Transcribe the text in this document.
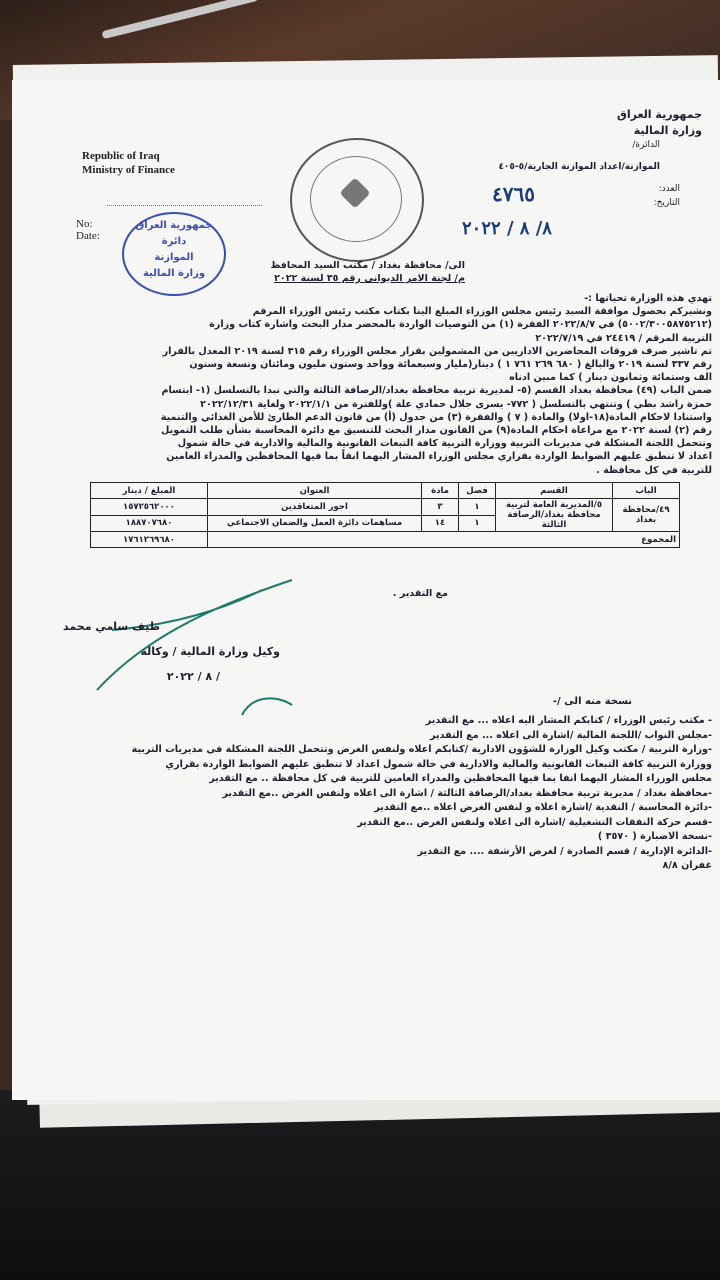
Republic of Iraq
Ministry of Finance
No:
Date:
جمهورية العراق
وزارة المالية
الدائرة/
الموازنة/اعداد الموازنة الجارية/٥-٤٠٥
العدد:
التاريخ:
٤٧٦٥
٨/ ٨ / ٢٠٢٢
جمهورية العراق
دائرة
الموازنة
وزارة المالية
الى/ محافظة بغداد / مكتب السيد المحافظ
م/ لجنة الامر الديواني رقم ٣٥ لسنة ٢٠٢٢
تهدي هذه الوزارة تحياتها :-
ونشيركم بحصول موافقة السيد رئيس مجلس الوزراء المبلغ الينا بكتاب مكتب رئيس الوزراء المرقم
(٥٠٠٢/٣٠٠٥٨٧٥٢١٢) في ٢٠٢٢/٨/٧ الفقرة (١) من التوصيات الواردة بالمحضر مدار البحث واشارة كتاب وزارة
التربية المرقم / ٢٤٤١٩ في ٢٠٢٢/٧/١٩
تم تاشير صرف فروقات المحاضرين الاداريين من المشمولين بقرار مجلس الوزراء رقم ٣١٥ لسنة ٢٠١٩ المعدل بالقرار
رقم ٣٣٧ لسنة ٢٠١٩ والبالغ ( ٦٨٠ ٢٦٩ ٧٦١ ١ ) دينار(مليار وسبعمائة وواحد وستون مليون ومائتان وتسعة وستون
الف وستمائة وثمانون دينار ) كما مبين ادناه
ضمن الباب (٤٩) محافظة بغداد القسم (٥- لمديرية تربية محافظة بغداد/الرصافة الثالثة والتي تبدا بالتسلسل (١- ابتسام
حمزة راشد بطي ) وتنتهي بالتسلسل ( ٧٧٢- يسرى جلال حمادي علة )وللفترة من ٢٠٢٢/١/١ ولغاية ٢٠٢٢/١٢/٣١
واستنادا لاحكام المادة(١٨-اولا) والمادة ( ٧ ) والفقرة (٣) من جدول (أ) من قانون الدعم الطارئ للأمن الغذائي والتنمية
رقم (٢) لسنة ٢٠٢٢ مع مراعاة احكام المادة(٩) من القانون مدار البحث للتنسيق مع دائرة المحاسبة بشأن طلب التمويل
وتتحمل اللجنة المشكلة في مديريات التربية ووزارة التربية كافة التبعات القانونية والمالية والادارية في حالة شمول
اعداد لا تنطبق عليهم الضوابط الواردة بقراري مجلس الوزراء المشار اليهما انفاً بما فيها المحافظين والمدراء العامين
للتربية في كل محافظة .
الباب	القسم	فصل	مادة	العنوان	المبلغ / دينار
٤٩/محافظة بغداد	٥/المديرية العامة لتربية محافظة بغداد/الرصافة الثالثة	١	٣	اجور المتعاقدين	١٥٧٢٥٦٢٠٠٠
		١	١٤	مساهمات دائرة العمل والضمان الاجتماعي	١٨٨٧٠٧٦٨٠
المجموع					١٧٦١٢٦٩٦٨٠
مع التقدير .
طيف سامي محمد
وكيل وزارة المالية / وكالة
/ ٨ / ٢٠٢٢
نسخة منه الى /-
- مكتب رئيس الوزراء / كتابكم المشار اليه اعلاه ... مع التقدير
-مجلس النواب /اللجنة المالية /اشارة الى اعلاه ... مع التقدير
-وزارة التربية / مكتب وكيل الوزارة للشؤون الادارية /كتابكم اعلاه ولنفس الغرض وتتحمل اللجنة المشكلة في مديريات التربية
ووزارة التربية كافة التبعات القانونية والمالية والادارية في حالة شمول اعداد لا تنطبق عليهم الضوابط الواردة بقراري
مجلس الوزراء المشار اليهما انفا بما فيها المحافظين والمدراء العامين للتربية في كل محافظة .. مع التقدير
-محافظة بغداد / مديرية تربية محافظة بغداد/الرصافة الثالثة / اشارة الى اعلاه ولنفس الغرض ..مع التقدير
-دائرة المحاسبة / النقدية /اشارة اعلاه و لنفس الغرض اعلاه ..مع التقدير
-قسم حركة النفقات التشغيلية /اشارة الى اعلاه ولنفس الغرض ..مع التقدير
-نسخة الاضبارة ( ٣٥٧٠ )
-الدائرة الإدارية / قسم الصادرة / لغرض الأرشفة .... مع التقدير
غفران ٨/٨
